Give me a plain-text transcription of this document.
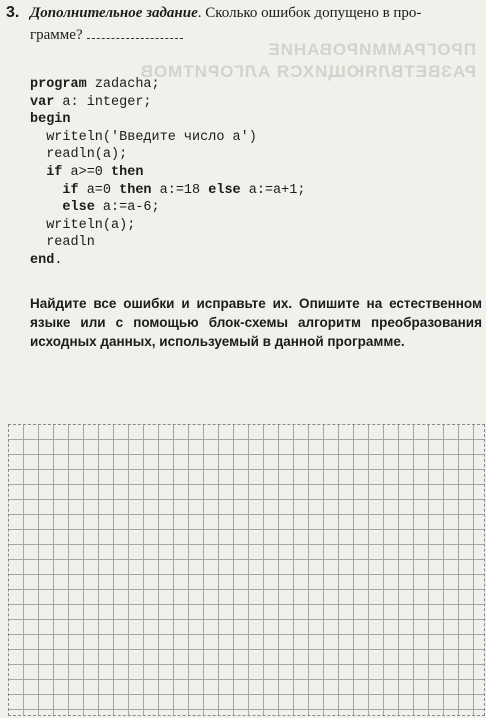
ПРОГРАММИРОВАНИЕ
РАЗВЕТВЛЯЮЩИХСЯ АЛГОРИТМОВ
3. Дополнительное задание. Сколько ошибок допущено в про-
грамме?
program zadacha;
var a: integer;
begin
writeln('Введите число a')
readln(a);
if a>=0 then
if a=0 then a:=18 else a:=a+1;
else a:=a-6;
writeln(a);
readln
end.
Найдите все ошибки и исправьте их. Опишите на естественном языке или с помощью блок-схемы алгоритм преобразования исходных данных, используемый в данной программе.
